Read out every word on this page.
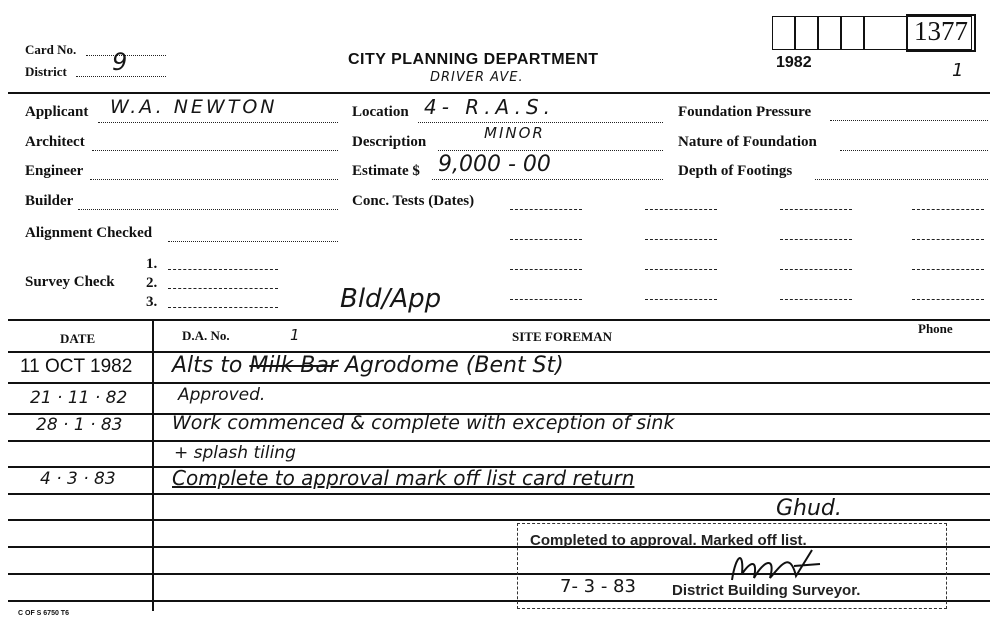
Card No.
District 9	CITY PLANNING DEPARTMENT
DRIVER AVE.
1377
1982	1
Applicant W.A. NEWTON
Architect
Engineer
Builder
Alignment Checked
Survey Check
1.
2.
3.
Location 4- R.A.S.
Description	MINOR
Estimate $ 9,000 - 00
Conc. Tests (Dates)
Bld/App
Foundation Pressure
Nature of Foundation
Depth of Footings
DATE	D.A. No.	1	SITE FOREMAN
Phone
11 OCT 1982 Alts to Milk Bar Agrodome (Bent St)
21 · 11 · 82	Approved.
28 · 1 · 83	Work commenced & complete with exception of sink
+ splash tiling
4 · 3 · 83	Complete to approval mark off list card return
Ghud.
Completed to approval. Marked off list.
7- 3 - 83 District Building Surveyor.
C OF S 6750 T6
